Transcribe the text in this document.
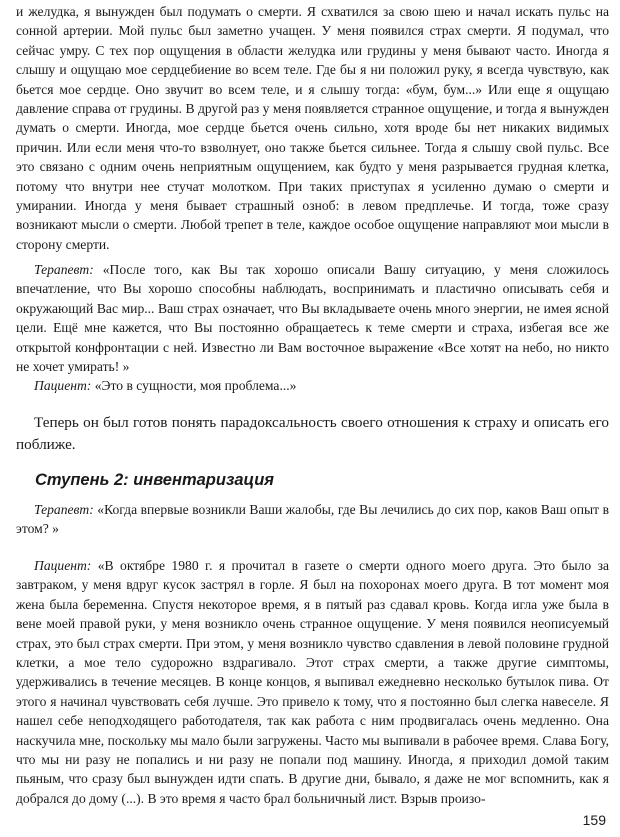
и желудка, я вынужден был подумать о смерти. Я схватился за свою шею и начал искать пульс на сонной артерии. Мой пульс был заметно учащен. У меня появился страх смерти. Я подумал, что сейчас умру. С тех пор ощущения в области желудка или грудины у меня бывают часто. Иногда я слышу и ощущаю мое сердцебиение во всем теле. Где бы я ни положил руку, я всегда чувствую, как бьется мое сердце. Оно звучит во всем теле, и я слышу тогда: «бум, бум...» Или еще я ощущаю давление справа от грудины. В другой раз у меня появляется странное ощущение, и тогда я вынужден думать о смерти. Иногда, мое сердце бьется очень сильно, хотя вроде бы нет никаких видимых причин. Или если меня что-то взволнует, оно также бьется сильнее. Тогда я слышу свой пульс. Все это связано с одним очень неприятным ощущением, как будто у меня разрывается грудная клетка, потому что внутри нее стучат молотком. При таких приступах я усиленно думаю о смерти и умирании. Иногда у меня бывает страшный озноб: в левом предплечье. И тогда, тоже сразу возникают мысли о смерти. Любой трепет в теле, каждое особое ощущение направляют мои мысли в сторону смерти.

Терапевт: «После того, как Вы так хорошо описали Вашу ситуацию, у меня сложилось впечатление, что Вы хорошо способны наблюдать, воспринимать и пластично описывать себя и окружающий Вас мир... Ваш страх означает, что Вы вкладываете очень много энергии, не имея ясной цели. Ещё мне кажется, что Вы постоянно обращаетесь к теме смерти и страха, избегая все же открытой конфронтации с ней. Известно ли Вам восточное выражение «Все хотят на небо, но никто не хочет умирать! »

Пациент: «Это в сущности, моя проблема...»

Теперь он был готов понять парадоксальность своего отношения к страху и описать его поближе.

Ступень 2: инвентаризация

Терапевт: «Когда впервые возникли Ваши жалобы, где Вы лечились до сих пор, каков Ваш опыт в этом? »

Пациент: «В октябре 1980 г. я прочитал в газете о смерти одного моего друга. Это было за завтраком, у меня вдруг кусок застрял в горле. Я был на похоронах моего друга. В тот момент моя жена была беременна. Спустя некоторое время, я в пятый раз сдавал кровь. Когда игла уже была в вене моей правой руки, у меня возникло очень странное ощущение. У меня появился неописуемый страх, это был страх смерти. При этом, у меня возникло чувство сдавления в левой половине грудной клетки, а мое тело судорожно вздрагивало. Этот страх смерти, а также другие симптомы, удерживались в течение месяцев. В конце концов, я выпивал ежедневно несколько бутылок пива. От этого я начинал чувствовать себя лучше. Это привело к тому, что я постоянно был слегка навеселе. Я нашел себе неподходящего работодателя, так как работа с ним продвигалась очень медленно. Она наскучила мне, поскольку мы мало были загружены. Часто мы выпивали в рабочее время. Слава Богу, что мы ни разу не попались и ни разу не попали под машину. Иногда, я приходил домой таким пьяным, что сразу был вынужден идти спать. В другие дни, бывало, я даже не мог вспомнить, как я добрался до дому (...). В это время я часто брал больничный лист. Взрыв произо-

159
